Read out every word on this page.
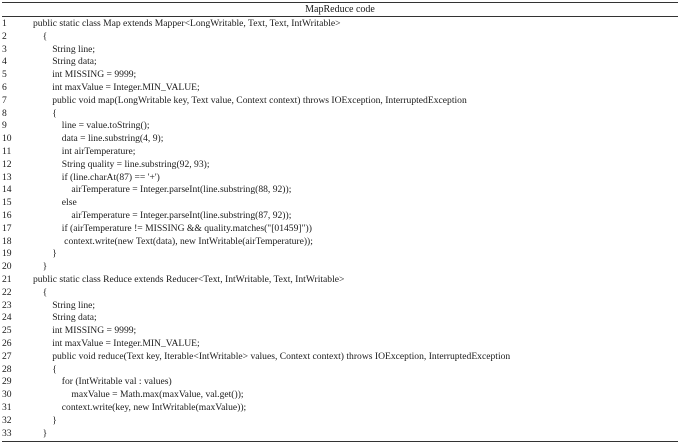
MapReduce code
1	public static class Map extends Mapper<LongWritable, Text, Text, IntWritable>
2	{
3	String line;
4	String data;
5	int MISSING = 9999;
6	int maxValue = Integer.MIN_VALUE;
7	public void map(LongWritable key, Text value, Context context) throws IOException, InterruptedException
8	{
9	line = value.toString();
10 data = line.substring(4, 9);
11 int airTemperature;
12 String quality = line.substring(92, 93);
13 if (line.charAt(87) == '+')
14 airTemperature = Integer.parseInt(line.substring(88, 92));
15 else
16 airTemperature = Integer.parseInt(line.substring(87, 92));
17 if (airTemperature != MISSING && quality.matches("[01459]"))
18 context.write(new Text(data), new IntWritable(airTemperature));
19 }
20 }
21 public static class Reduce extends Reducer<Text, IntWritable, Text, IntWritable>
22 {
23 String line;
24 String data;
25 int MISSING = 9999;
26 int maxValue = Integer.MIN_VALUE;
27 public void reduce(Text key, Iterable<IntWritable> values, Context context) throws IOException, InterruptedException
28 {
29 for (IntWritable val : values)
30 maxValue = Math.max(maxValue, val.get());
31 context.write(key, new IntWritable(maxValue));
32 }
33 }
